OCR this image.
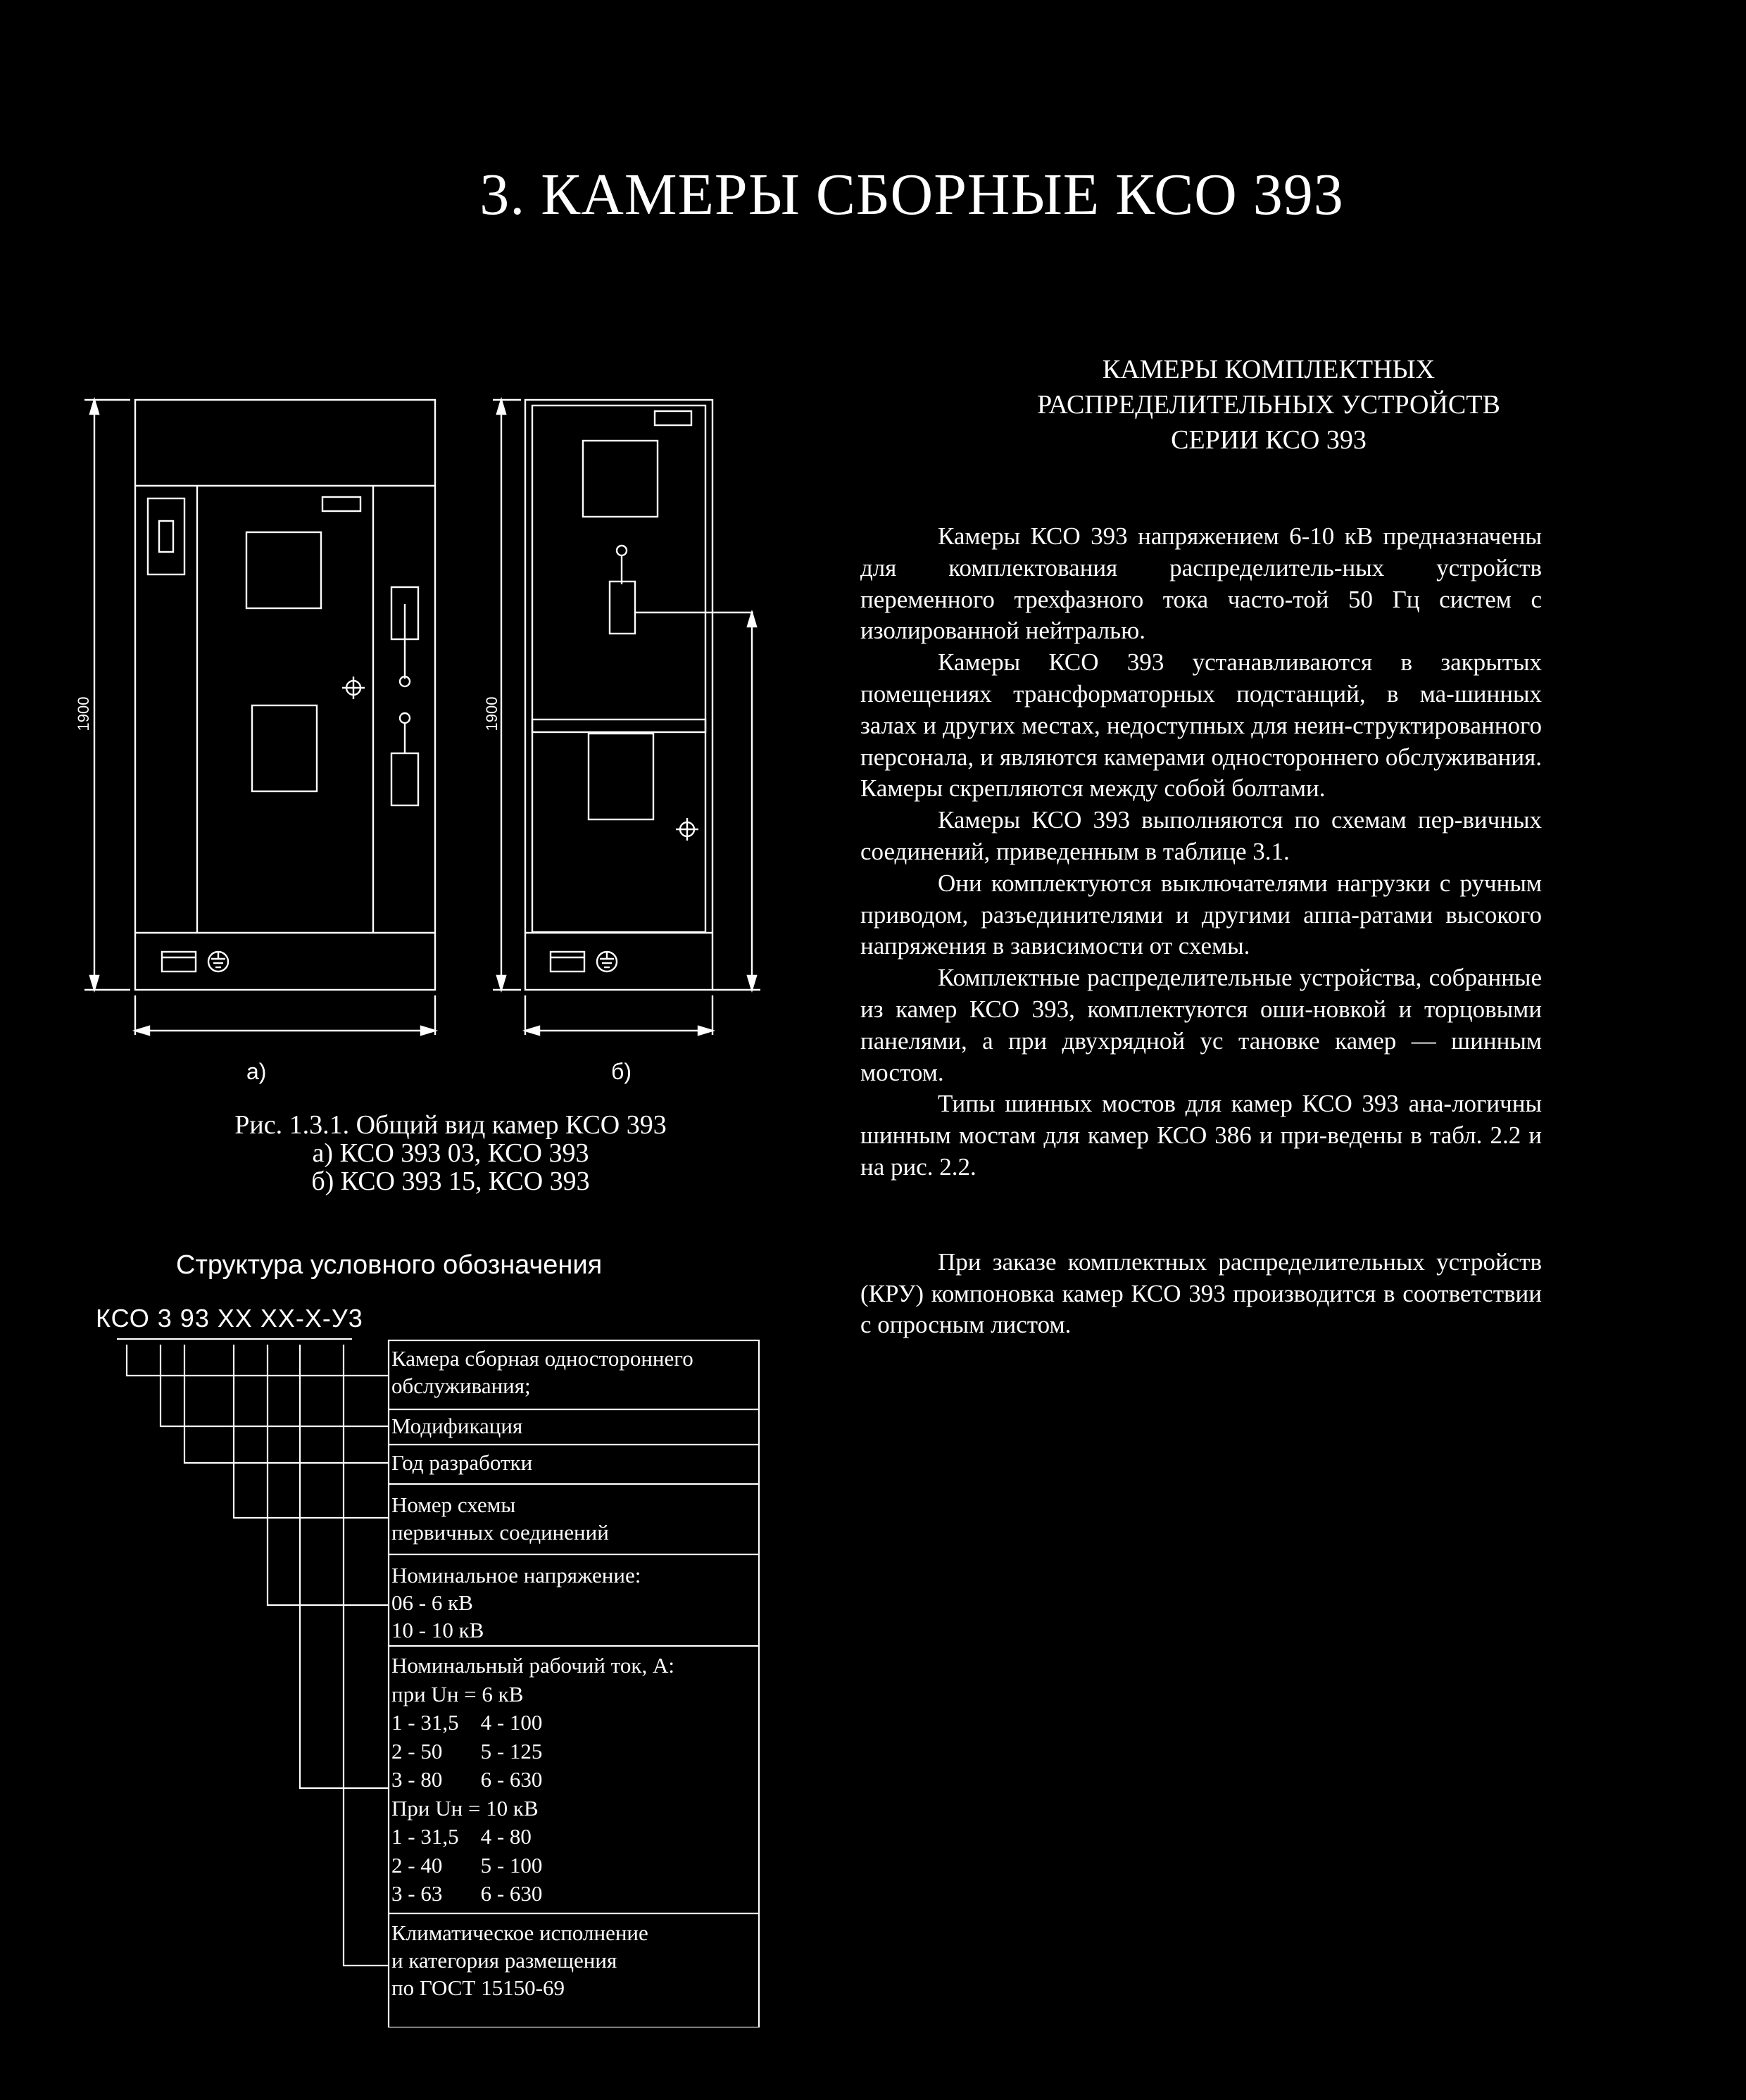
3. КАМЕРЫ СБОРНЫЕ КСО 393
КАМЕРЫ КОМПЛЕКТНЫХ
РАСПРЕДЕЛИТЕЛЬНЫХ УСТРОЙСТВ
СЕРИИ КСО 393

Камеры КСО 393 напряжением 6-10 кВ предназначены для комплектования распределитель-ных устройств переменного трехфазного тока часто-той 50 Гц систем с изолированной нейтралью.

Камеры КСО 393 устанавливаются в закрытых помещениях трансформаторных подстанций, в ма-шинных залах и других местах, недоступных для неин-структированного персонала, и являются камерами одностороннего обслуживания. Камеры скрепляются между собой болтами.

Камеры КСО 393 выполняются по схемам пер-вичных соединений, приведенным в таблице 3.1.

Они комплектуются выключателями нагрузки с ручным приводом, разъединителями и другими аппа-ратами высокого напряжения в зависимости от схемы.

Комплектные распределительные устройства, собранные из камер КСО 393, комплектуются оши-новкой и торцовыми панелями, а при двухрядной ус тановке камер — шинным мостом.

Типы шинных мостов для камер КСО 393 ана-логичны шинным мостам для камер КСО 386 и при-ведены в табл. 2.2 и на рис. 2.2.

При заказе комплектных распределительных устройств (КРУ) компоновка камер КСО 393 производится в соответствии с опросным листом.

1900	1900
а)	б)
Рис. 1.3.1. Общий вид камер КСО 393
а) КСО 393 03, КСО 393
б) КСО 393 15, КСО 393
Структура условного обозначения
КСО 3 93 ХХ ХХ-Х-У3
Камера сборная одностороннего
обслуживания;
Модификация
Год разработки
Номер схемы
первичных соединений
Номинальное напряжение:
06 - 6 кВ
10 - 10 кВ
Номинальный рабочий ток, А:
при Uн = 6 кВ
1 - 31,5    4 - 100
2 - 50       5 - 125
3 - 80       6 - 630
При Uн = 10 кВ
1 - 31,5    4 - 80
2 - 40       5 - 100
3 - 63       6 - 630
Климатическое исполнение
и категория размещения
по ГОСТ 15150-69
